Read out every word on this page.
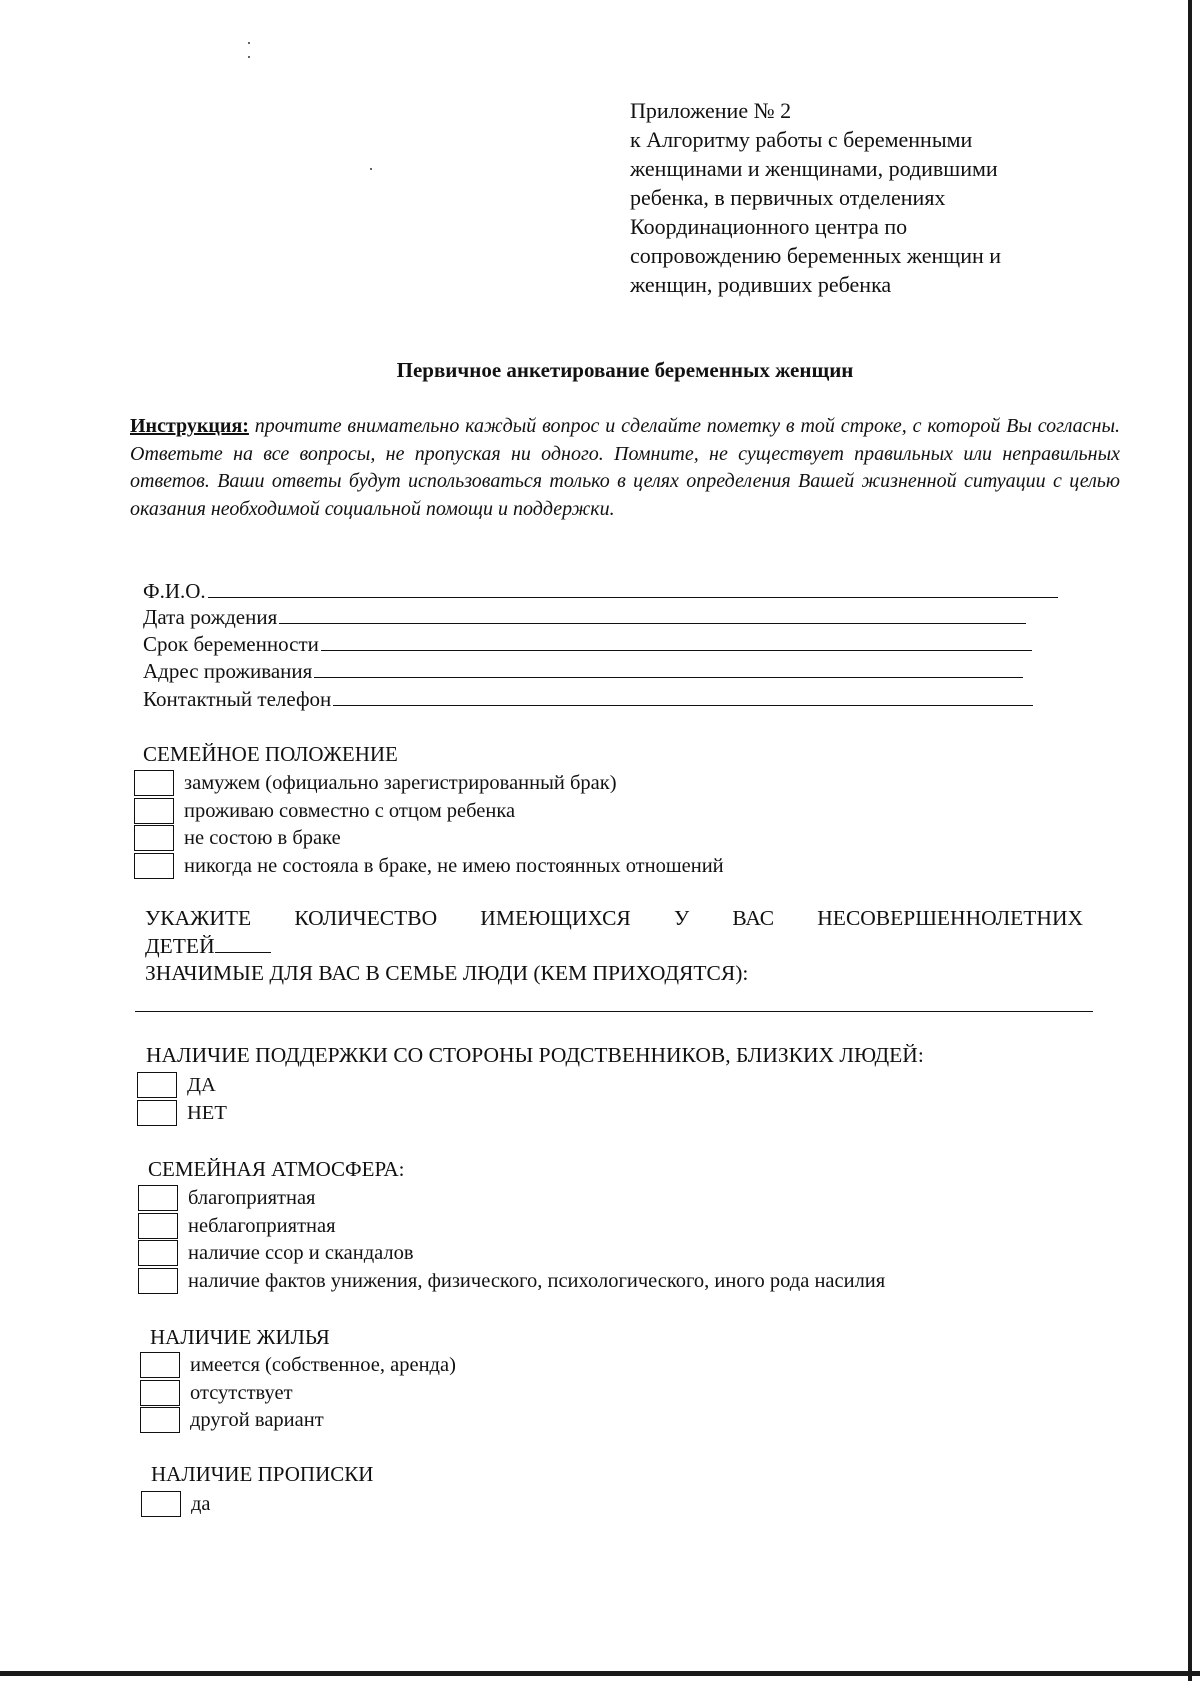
Приложение № 2
к Алгоритму работы с беременными
женщинами и женщинами, родившими
ребенка, в первичных отделениях
Координационного центра по
сопровождению беременных женщин и
женщин, родивших ребенка
Первичное анкетирование беременных женщин
Инструкция: прочтите внимательно каждый вопрос и сделайте пометку в той строке, с которой Вы согласны. Ответьте на все вопросы, не пропуская ни одного. Помните, не существует правильных или неправильных ответов. Ваши ответы будут использоваться только в целях определения Вашей жизненной ситуации с целью оказания необходимой социальной помощи и поддержки.
Ф.И.О.
Дата рождения
Срок беременности
Адрес проживания
Контактный телефон
СЕМЕЙНОЕ ПОЛОЖЕНИЕ
замужем (официально зарегистрированный брак)
проживаю совместно с отцом ребенка
не состою в браке
никогда не состояла в браке, не имею постоянных отношений
УКАЖИТЕ КОЛИЧЕСТВО ИМЕЮЩИХСЯ У ВАС НЕСОВЕРШЕННОЛЕТНИХ
ДЕТЕЙ
ЗНАЧИМЫЕ ДЛЯ ВАС В СЕМЬЕ ЛЮДИ (КЕМ ПРИХОДЯТСЯ):
НАЛИЧИЕ ПОДДЕРЖКИ СО СТОРОНЫ РОДСТВЕННИКОВ, БЛИЗКИХ ЛЮДЕЙ:
ДА
НЕТ
СЕМЕЙНАЯ АТМОСФЕРА:
благоприятная
неблагоприятная
наличие ссор и скандалов
наличие фактов унижения, физического, психологического, иного рода насилия
НАЛИЧИЕ ЖИЛЬЯ
имеется (собственное, аренда)
отсутствует
другой вариант
НАЛИЧИЕ ПРОПИСКИ
да
